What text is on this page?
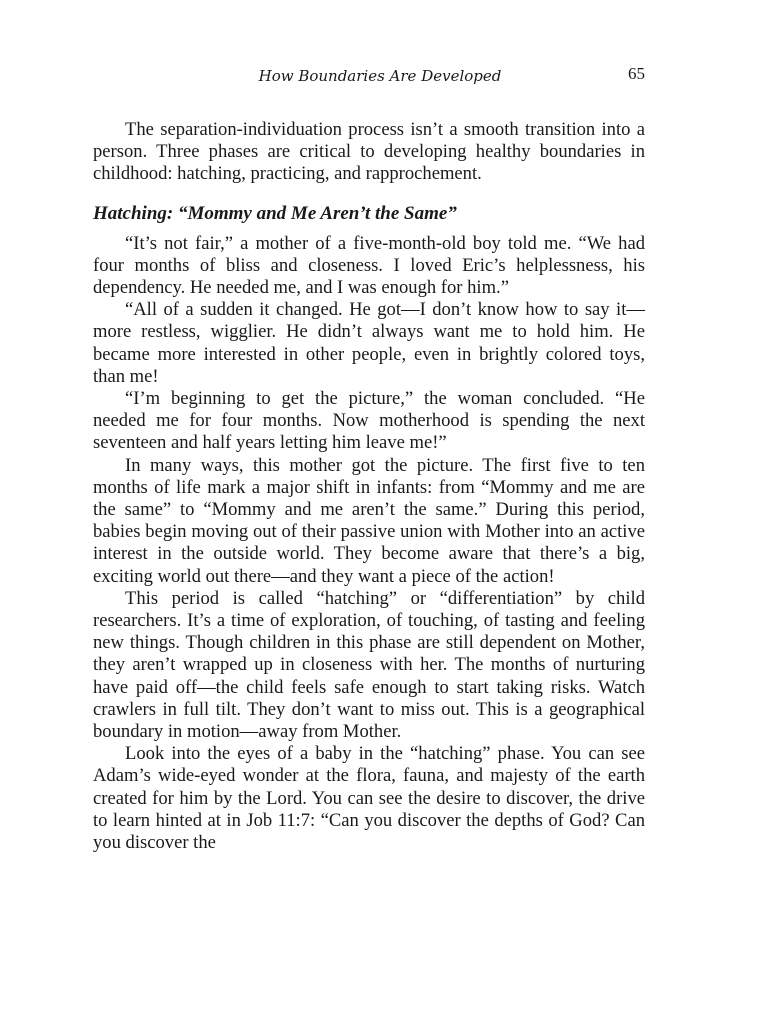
How Boundaries Are Developed	65

The separation-individuation process isn’t a smooth transition into a person. Three phases are critical to developing healthy boundaries in childhood: hatching, practicing, and rapprochement.

Hatching: “Mommy and Me Aren’t the Same”

“It’s not fair,” a mother of a five-month-old boy told me. “We had four months of bliss and closeness. I loved Eric’s helplessness, his dependency. He needed me, and I was enough for him.”

“All of a sudden it changed. He got—I don’t know how to say it—more restless, wigglier. He didn’t always want me to hold him. He became more interested in other people, even in brightly colored toys, than me!

“I’m beginning to get the picture,” the woman concluded. “He needed me for four months. Now motherhood is spending the next seventeen and half years letting him leave me!”

In many ways, this mother got the picture. The first five to ten months of life mark a major shift in infants: from “Mommy and me are the same” to “Mommy and me aren’t the same.” During this period, babies begin moving out of their passive union with Mother into an active interest in the outside world. They become aware that there’s a big, exciting world out there—and they want a piece of the action!

This period is called “hatching” or “differentiation” by child researchers. It’s a time of exploration, of touching, of tasting and feeling new things. Though children in this phase are still dependent on Mother, they aren’t wrapped up in closeness with her. The months of nurturing have paid off—the child feels safe enough to start taking risks. Watch crawlers in full tilt. They don’t want to miss out. This is a geographical boundary in motion—away from Mother.

Look into the eyes of a baby in the “hatching” phase. You can see Adam’s wide-eyed wonder at the flora, fauna, and majesty of the earth created for him by the Lord. You can see the desire to discover, the drive to learn hinted at in Job 11:7: “Can you discover the depths of God? Can you discover the
